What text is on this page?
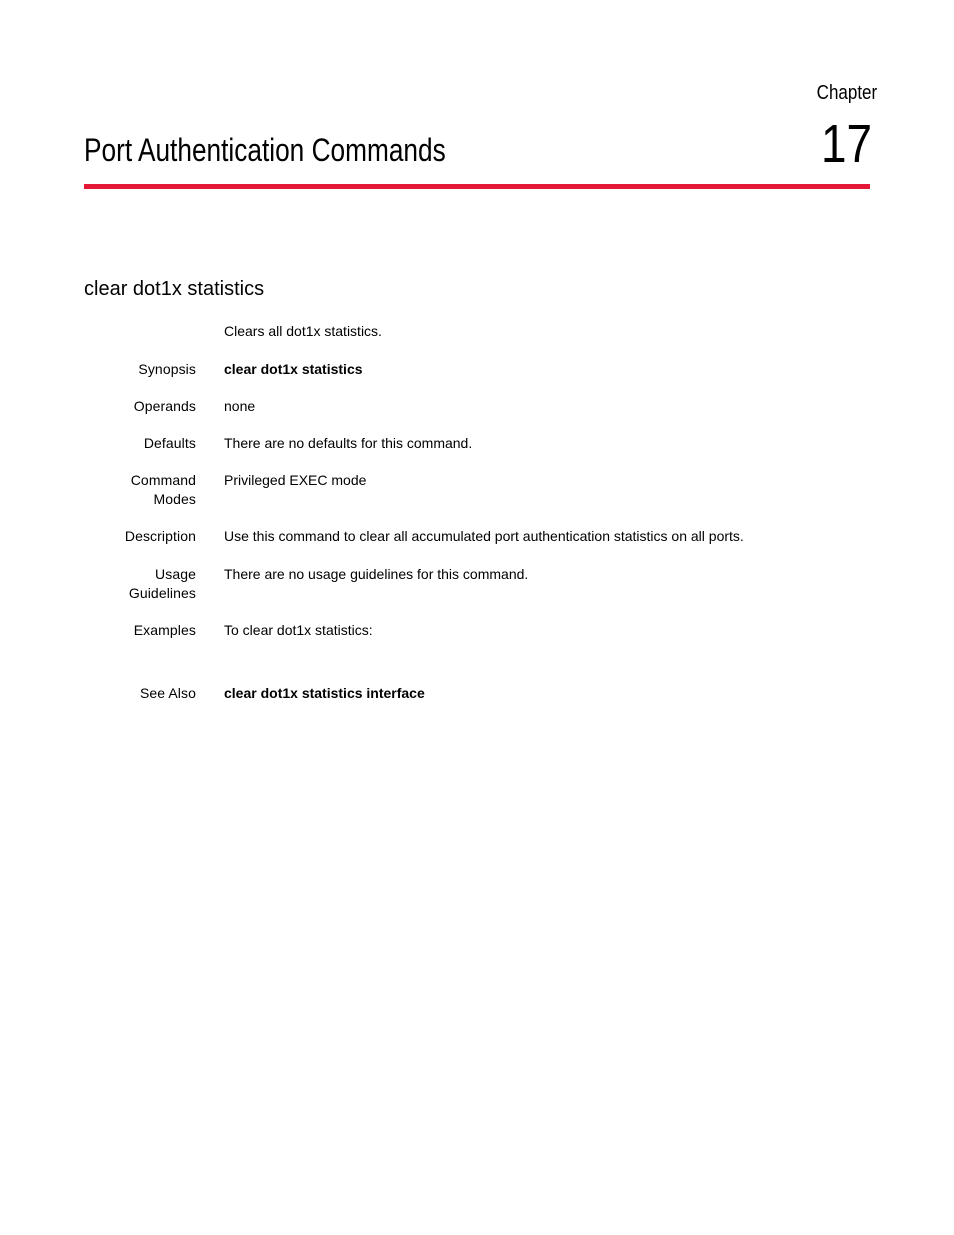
Chapter
17
Port Authentication Commands
clear dot1x statistics
Clears all dot1x statistics.
Synopsis clear dot1x statistics
Operands none
Defaults There are no defaults for this command.
Command
Modes
Privileged EXEC mode
Description Use this command to clear all accumulated port authentication statistics on all ports.
Usage
Guidelines
There are no usage guidelines for this command.
Examples To clear dot1x statistics:
See Also clear dot1x statistics interface
